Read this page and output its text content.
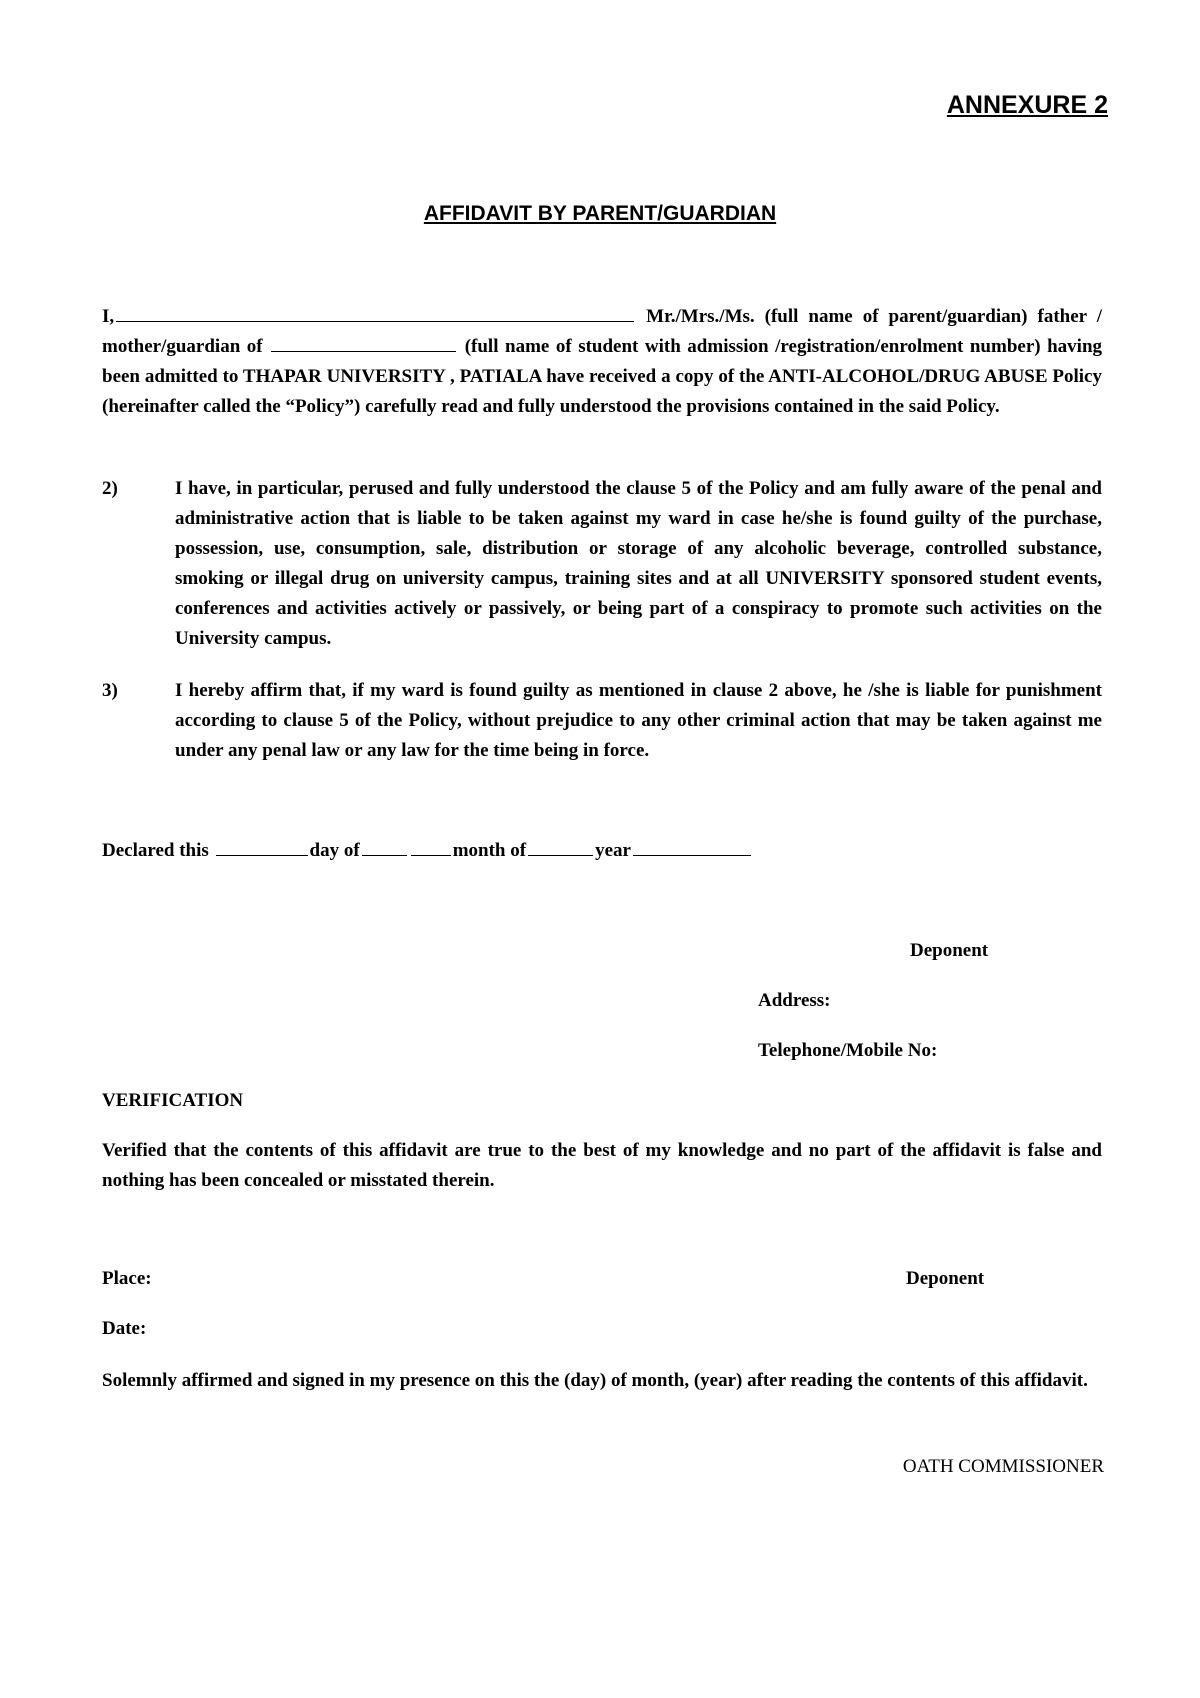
ANNEXURE 2
AFFIDAVIT BY PARENT/GUARDIAN
I,	Mr./Mrs./Ms. (full name of parent/guardian) father / mother/guardian of	(full name of student with admission /registration/enrolment number) having been admitted to THAPAR UNIVERSITY , PATIALA have received a copy of the ANTI-ALCOHOL/DRUG ABUSE Policy (hereinafter called the “Policy”) carefully read and fully understood the provisions contained in the said Policy.
2)	I have, in particular, perused and fully understood the clause 5 of the Policy and am fully aware of the penal and administrative action that is liable to be taken against my ward in case he/she is found guilty of the purchase, possession, use, consumption, sale, distribution or storage of any alcoholic beverage, controlled substance, smoking or illegal drug on university campus, training sites and at all UNIVERSITY sponsored student events, conferences and activities actively or passively, or being part of a conspiracy to promote such activities on the University campus.
3)	I hereby affirm that, if my ward is found guilty as mentioned in clause 2 above, he /she is liable for punishment according to clause 5 of the Policy, without prejudice to any other criminal action that may be taken against me under any penal law or any law for the time being in force.
Declared this	day of	month of	year
Deponent
Address:
Telephone/Mobile No:
VERIFICATION
Verified that the contents of this affidavit are true to the best of my knowledge and no part of the affidavit is false and nothing has been concealed or misstated therein.
Place:	Deponent
Date:
Solemnly affirmed and signed in my presence on this the (day) of month, (year) after reading the contents of this affidavit.
OATH COMMISSIONER
